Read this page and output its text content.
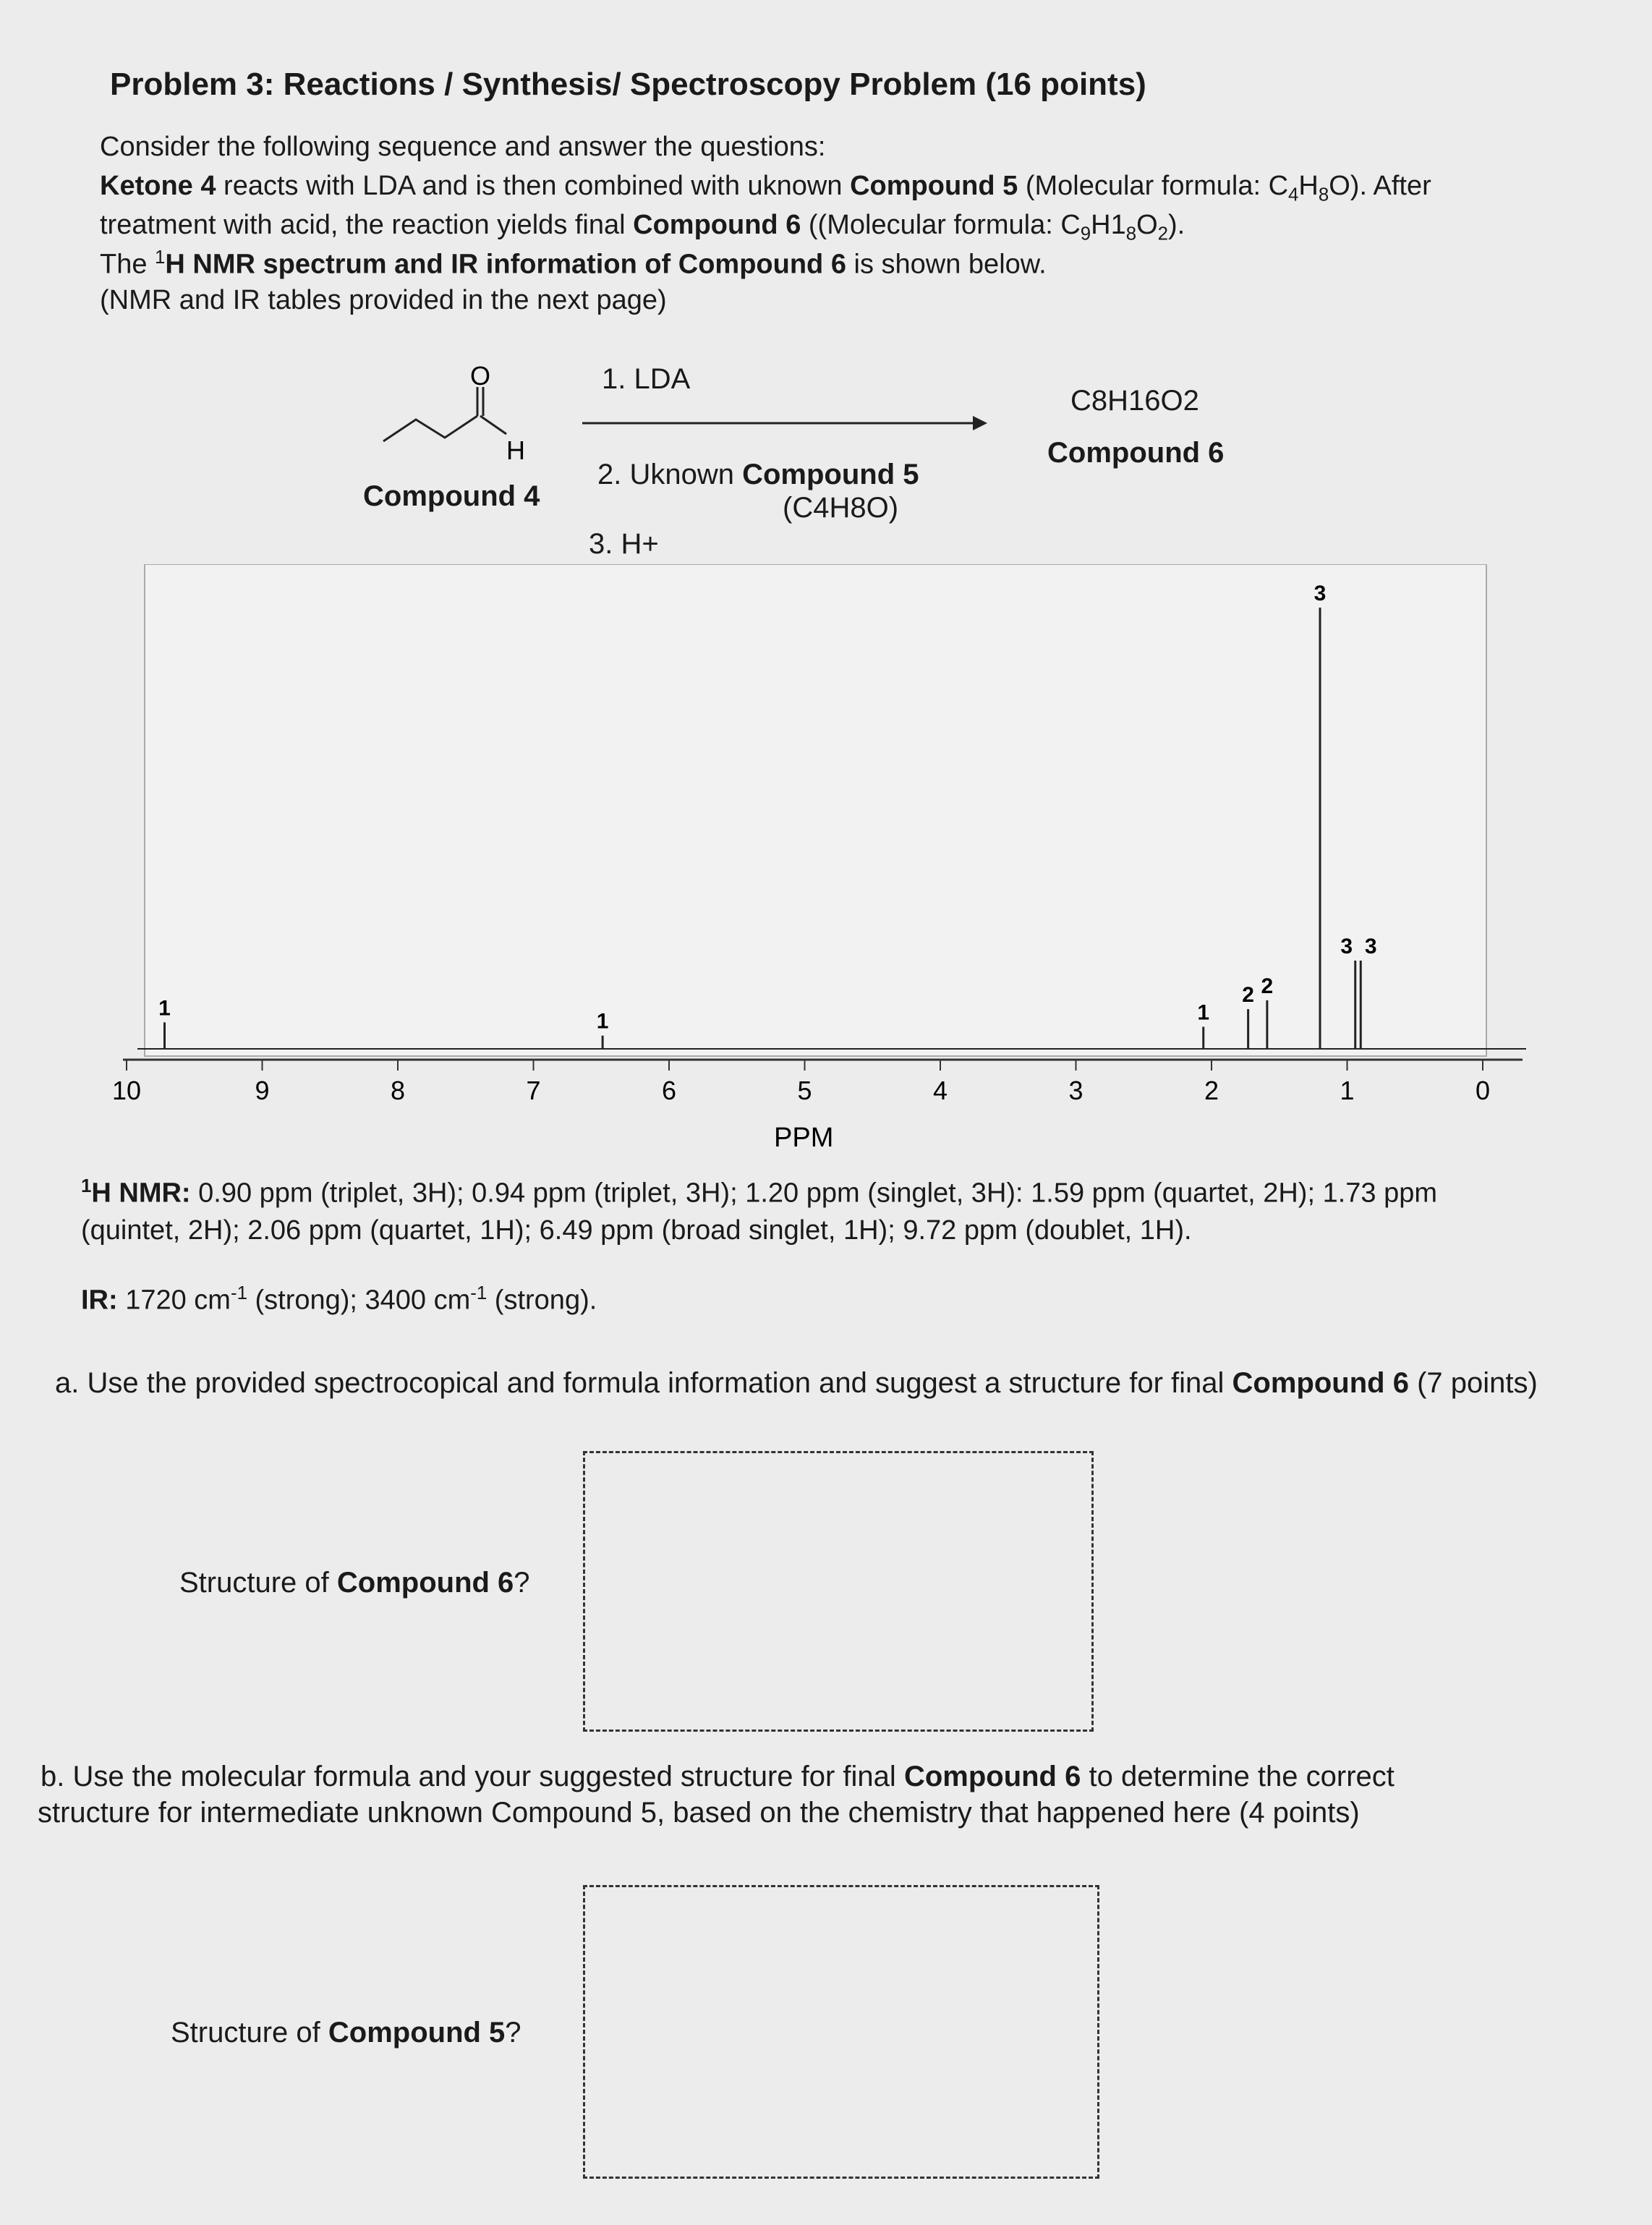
Problem 3: Reactions / Synthesis/ Spectroscopy Problem (16 points)
Consider the following sequence and answer the questions:
Ketone 4 reacts with LDA and is then combined with uknown Compound 5 (Molecular formula: $C_4H_8O$). After
treatment with acid, the reaction yields final Compound 6 ((Molecular formula: $C_9H1_8O_2$).
The $^1$H NMR spectrum and IR information of Compound 6 is shown below.
(NMR and IR tables provided in the next page)
O
H
Compound 4
1. LDA
2. Uknown Compound 5
(C4H8O)
3. H+
C8H16O2
Compound 6
10	9	8	7	6	5	4	3	2	1	0
1
1	1
2 2
3
3 3
PPM
$^1$H NMR: 0.90 ppm (triplet, 3H); 0.94 ppm (triplet, 3H); 1.20 ppm (singlet, 3H): 1.59 ppm (quartet, 2H); 1.73 ppm
(quintet, 2H); 2.06 ppm (quartet, 1H); 6.49 ppm (broad singlet, 1H); 9.72 ppm (doublet, 1H).
IR: 1720 $cm^{-1}$ (strong); 3400 $cm^{-1}$ (strong).
a. Use the provided spectrocopical and formula information and suggest a structure for final Compound 6 (7 points)
Structure of Compound 6?
b. Use the molecular formula and your suggested structure for final Compound 6 to determine the correct
structure for intermediate unknown Compound 5, based on the chemistry that happened here (4 points)
Structure of Compound 5?
